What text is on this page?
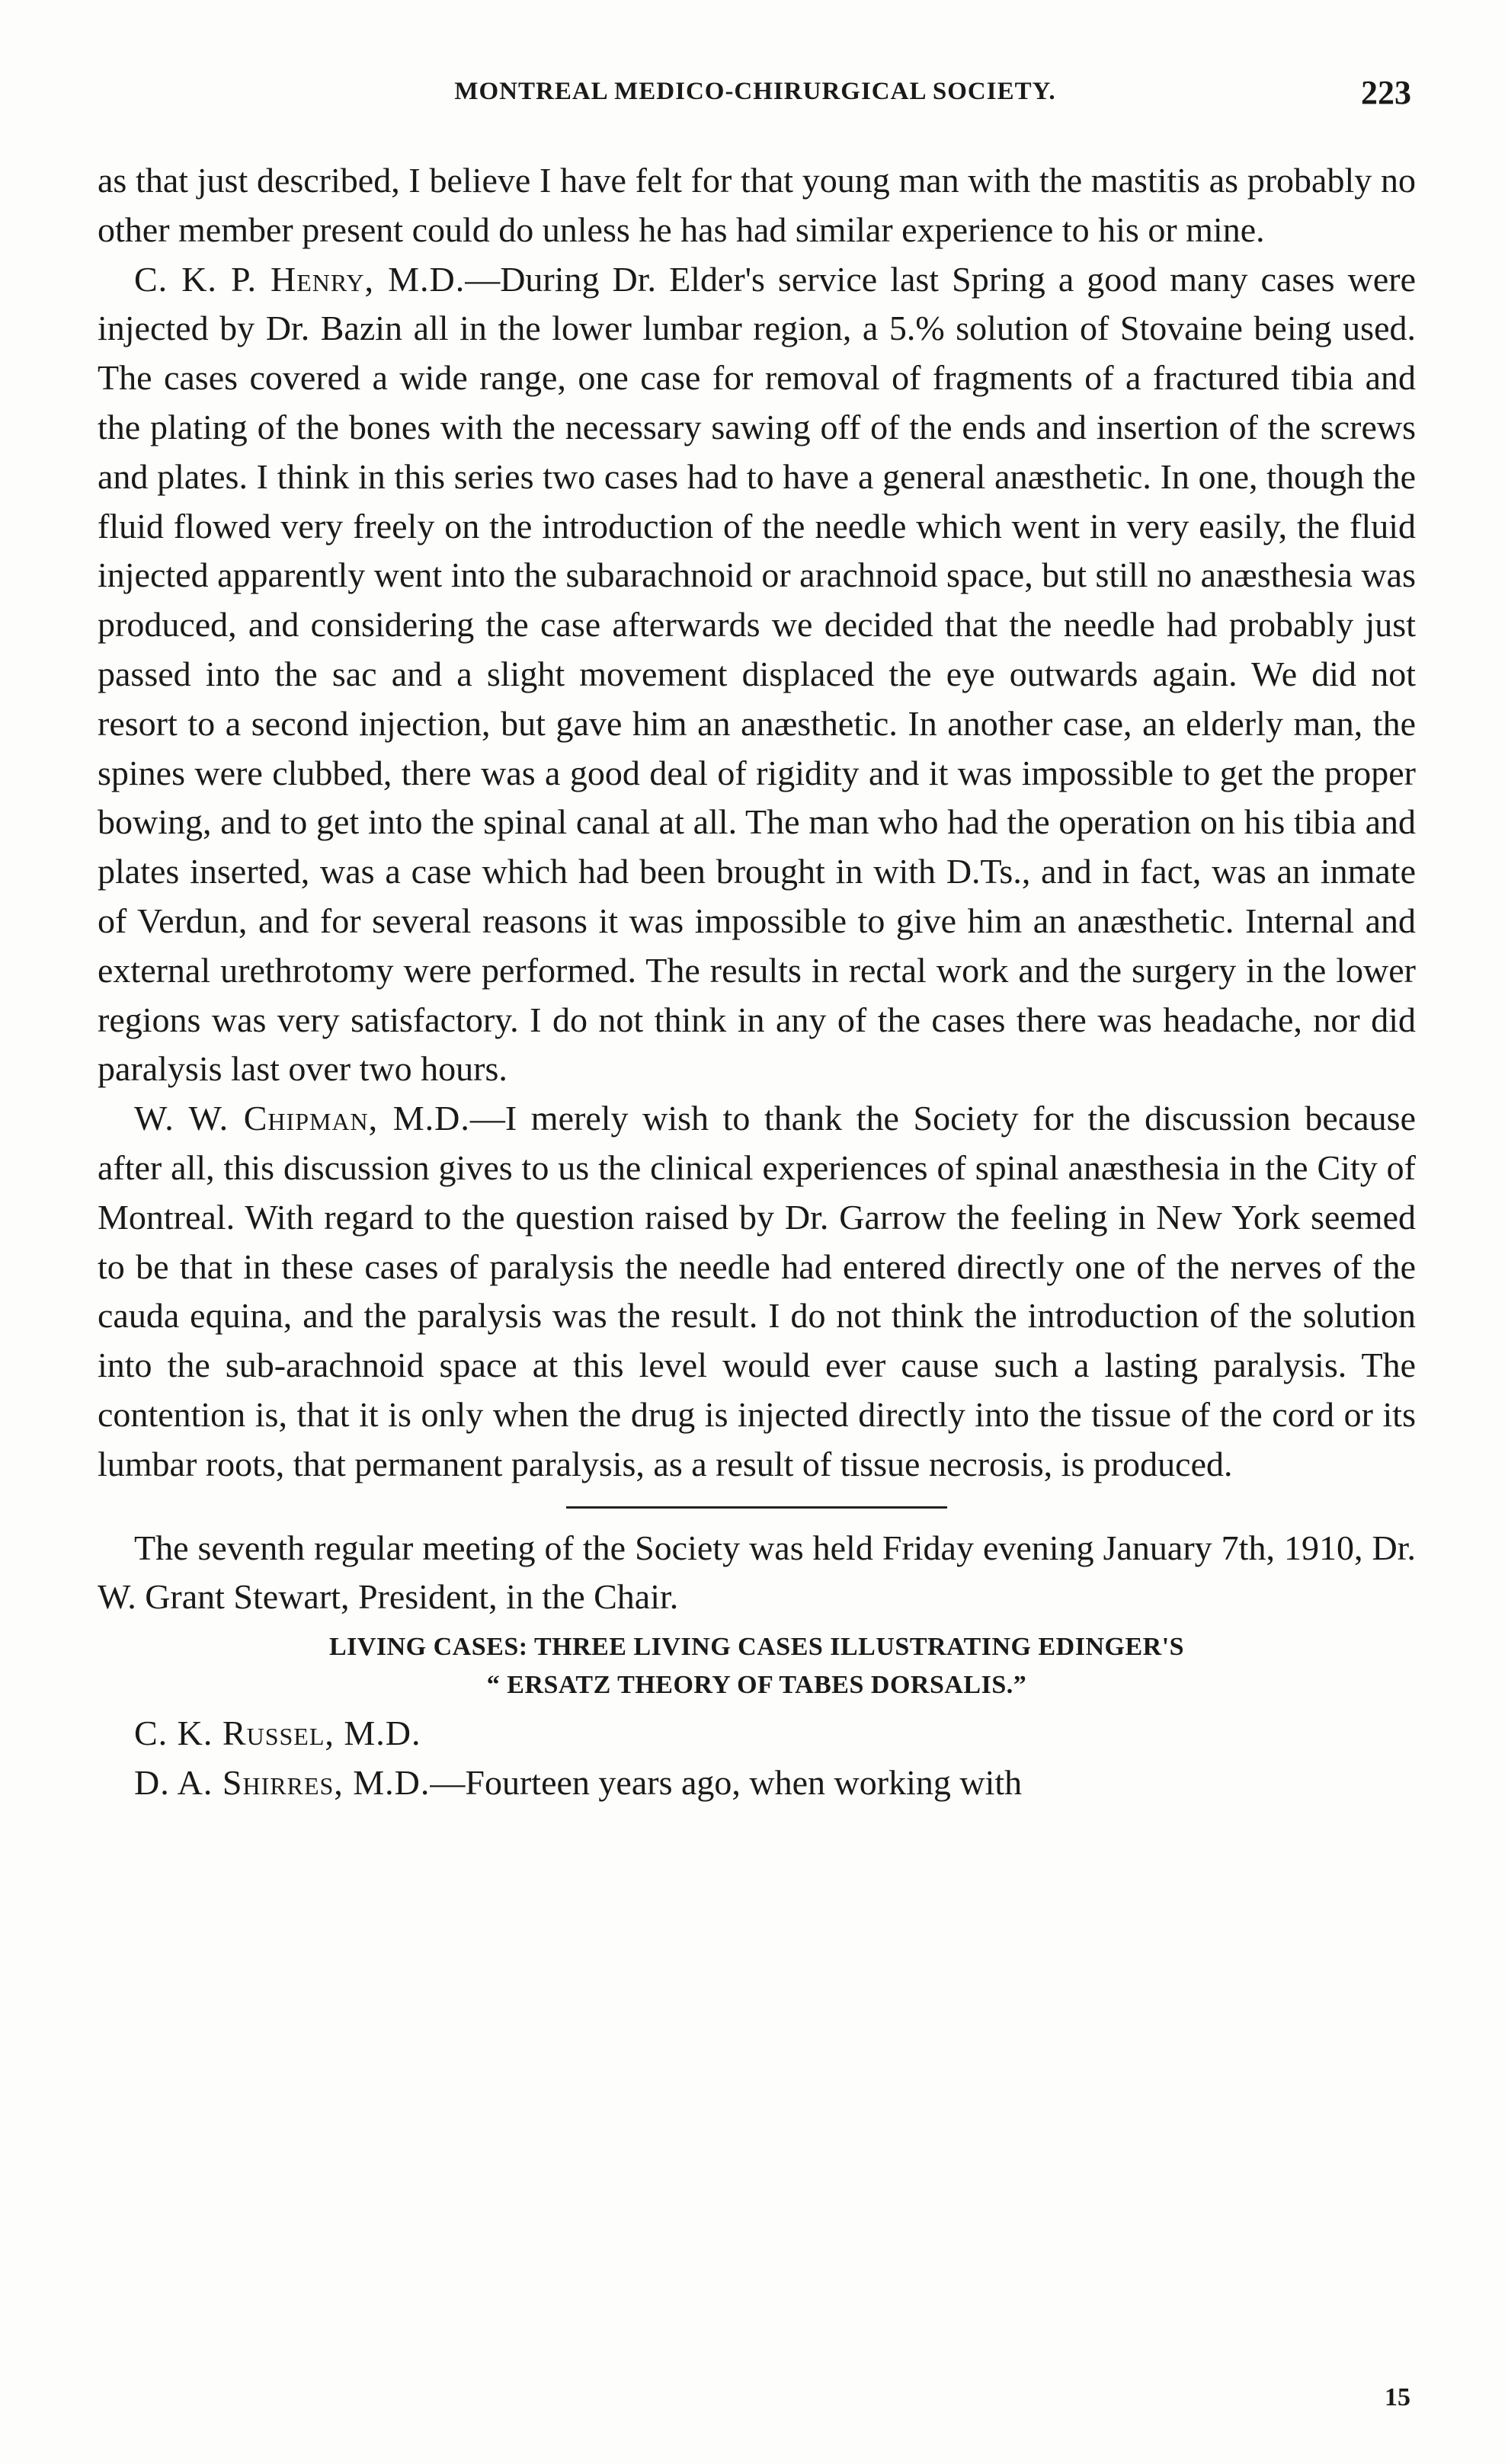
MONTREAL MEDICO-CHIRURGICAL SOCIETY.	223

as that just described, I believe I have felt for that young man with the mastitis as probably no other member present could do unless he has had similar experience to his or mine.

C. K. P. Henry, M.D.—During Dr. Elder's service last Spring a good many cases were injected by Dr. Bazin all in the lower lumbar region, a 5.% solution of Stovaine being used. The cases covered a wide range, one case for removal of fragments of a fractured tibia and the plating of the bones with the necessary sawing off of the ends and insertion of the screws and plates. I think in this series two cases had to have a general anæsthetic. In one, though the fluid flowed very freely on the introduction of the needle which went in very easily, the fluid injected apparently went into the subarachnoid or arachnoid space, but still no anæsthesia was produced, and considering the case afterwards we decided that the needle had probably just passed into the sac and a slight movement displaced the eye outwards again. We did not resort to a second injection, but gave him an anæsthetic. In another case, an elderly man, the spines were clubbed, there was a good deal of rigidity and it was impossible to get the proper bowing, and to get into the spinal canal at all. The man who had the operation on his tibia and plates inserted, was a case which had been brought in with D.Ts., and in fact, was an inmate of Verdun, and for several reasons it was impossible to give him an anæsthetic. Internal and external urethrotomy were performed. The results in rectal work and the surgery in the lower regions was very satisfactory. I do not think in any of the cases there was headache, nor did paralysis last over two hours.

W. W. Chipman, M.D.—I merely wish to thank the Society for the discussion because after all, this discussion gives to us the clinical experiences of spinal anæsthesia in the City of Montreal. With regard to the question raised by Dr. Garrow the feeling in New York seemed to be that in these cases of paralysis the needle had entered directly one of the nerves of the cauda equina, and the paralysis was the result. I do not think the introduction of the solution into the sub-arachnoid space at this level would ever cause such a lasting paralysis. The contention is, that it is only when the drug is injected directly into the tissue of the cord or its lumbar roots, that permanent paralysis, as a result of tissue necrosis, is produced.

The seventh regular meeting of the Society was held Friday evening January 7th, 1910, Dr. W. Grant Stewart, President, in the Chair.

LIVING CASES: THREE LIVING CASES ILLUSTRATING EDINGER'S
“ ERSATZ THEORY OF TABES DORSALIS.”

C. K. Russel, M.D.

D. A. Shirres, M.D.—Fourteen years ago, when working with

15
